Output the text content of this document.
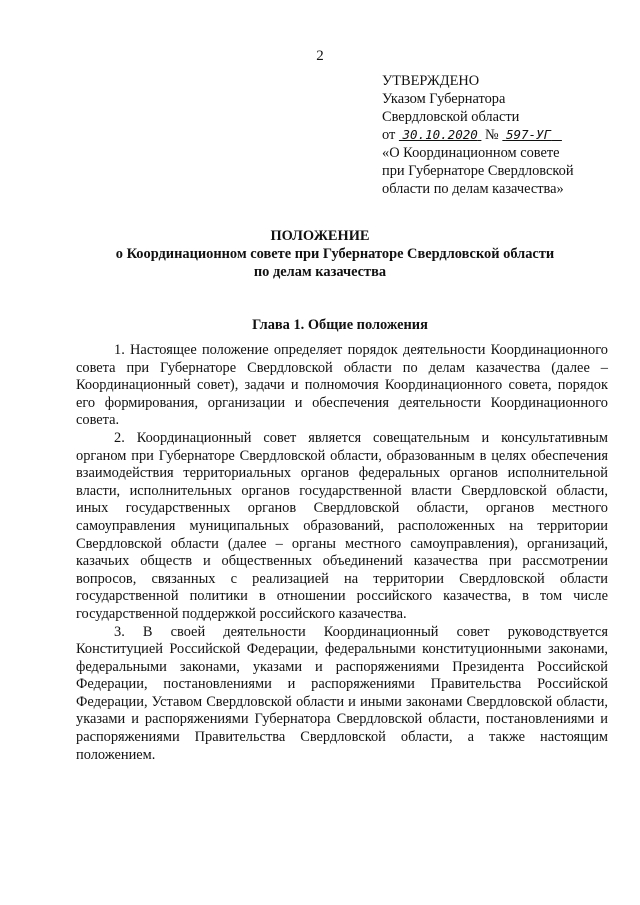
2
УТВЕРЖДЕНО
Указом Губернатора
Свердловской области
от 30.10.2020 № 597-УГ
«О Координационном совете
при Губернаторе Свердловской
области по делам казачества»
ПОЛОЖЕНИЕ
о Координационном совете при Губернаторе Свердловской области
по делам казачества
Глава 1. Общие положения

1. Настоящее положение определяет порядок деятельности Координационного совета при Губернаторе Свердловской области по делам казачества (далее – Координационный совет), задачи и полномочия Координационного совета, порядок его формирования, организации и обеспечения деятельности Координационного совета.

2. Координационный совет является совещательным и консультативным органом при Губернаторе Свердловской области, образованным в целях обеспечения взаимодействия территориальных органов федеральных органов исполнительной власти, исполнительных органов государственной власти Свердловской области, иных государственных органов Свердловской области, органов местного самоуправления муниципальных образований, расположенных на территории Свердловской области (далее – органы местного самоуправления), организаций, казачьих обществ и общественных объединений казачества при рассмотрении вопросов, связанных с реализацией на территории Свердловской области государственной политики в отношении российского казачества, в том числе государственной поддержкой российского казачества.

3. В своей деятельности Координационный совет руководствуется Конституцией Российской Федерации, федеральными конституционными законами, федеральными законами, указами и распоряжениями Президента Российской Федерации, постановлениями и распоряжениями Правительства Российской Федерации, Уставом Свердловской области и иными законами Свердловской области, указами и распоряжениями Губернатора Свердловской области, постановлениями и распоряжениями Правительства Свердловской области, а также настоящим положением.
